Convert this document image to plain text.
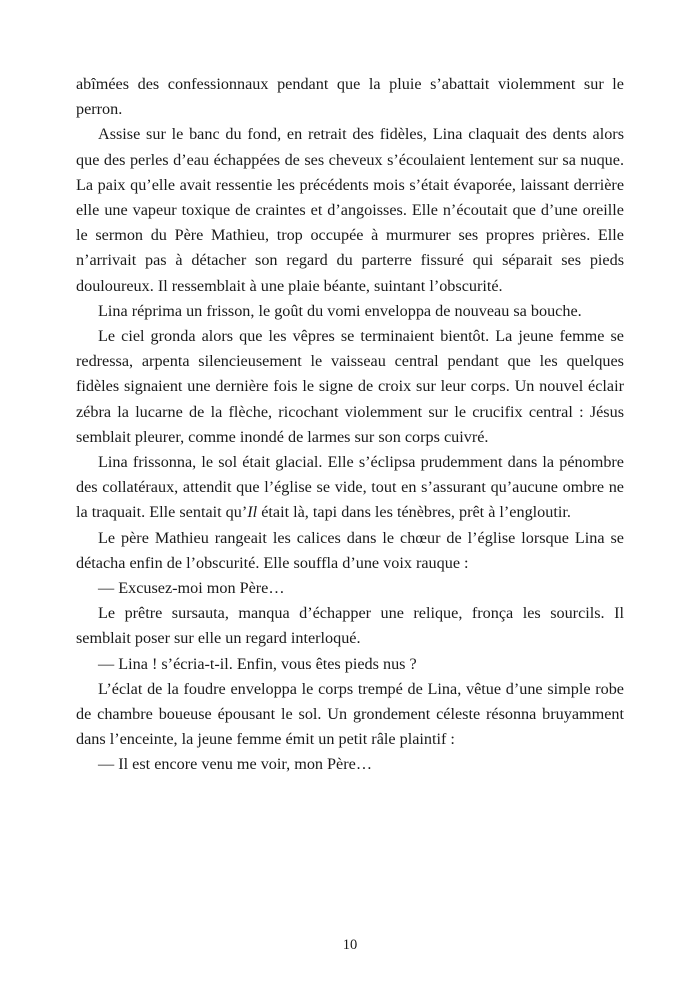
abîmées des confessionnaux pendant que la pluie s’abattait violemment sur le perron.

Assise sur le banc du fond, en retrait des fidèles, Lina claquait des dents alors que des perles d’eau échappées de ses cheveux s’écoulaient lentement sur sa nuque. La paix qu’elle avait ressentie les précédents mois s’était évaporée, laissant derrière elle une vapeur toxique de craintes et d’angoisses. Elle n’écoutait que d’une oreille le sermon du Père Mathieu, trop occupée à murmurer ses propres prières. Elle n’arrivait pas à détacher son regard du parterre fissuré qui séparait ses pieds douloureux. Il ressemblait à une plaie béante, suintant l’obscurité.

Lina réprima un frisson, le goût du vomi enveloppa de nouveau sa bouche.

Le ciel gronda alors que les vêpres se terminaient bientôt. La jeune femme se redressa, arpenta silencieusement le vaisseau central pendant que les quelques fidèles signaient une dernière fois le signe de croix sur leur corps. Un nouvel éclair zébra la lucarne de la flèche, ricochant violemment sur le crucifix central : Jésus semblait pleurer, comme inondé de larmes sur son corps cuivré.

Lina frissonna, le sol était glacial. Elle s’éclipsa prudemment dans la pénombre des collatéraux, attendit que l’église se vide, tout en s’assurant qu’aucune ombre ne la traquait. Elle sentait qu’Il était là, tapi dans les ténèbres, prêt à l’engloutir.

Le père Mathieu rangeait les calices dans le chœur de l’église lorsque Lina se détacha enfin de l’obscurité. Elle souffla d’une voix rauque :

— Excusez-moi mon Père…

Le prêtre sursauta, manqua d’échapper une relique, fronça les sourcils. Il semblait poser sur elle un regard interloqué.

— Lina ! s’écria-t-il. Enfin, vous êtes pieds nus ?

L’éclat de la foudre enveloppa le corps trempé de Lina, vêtue d’une simple robe de chambre boueuse épousant le sol. Un grondement céleste résonna bruyamment dans l’enceinte, la jeune femme émit un petit râle plaintif :

— Il est encore venu me voir, mon Père…

10
